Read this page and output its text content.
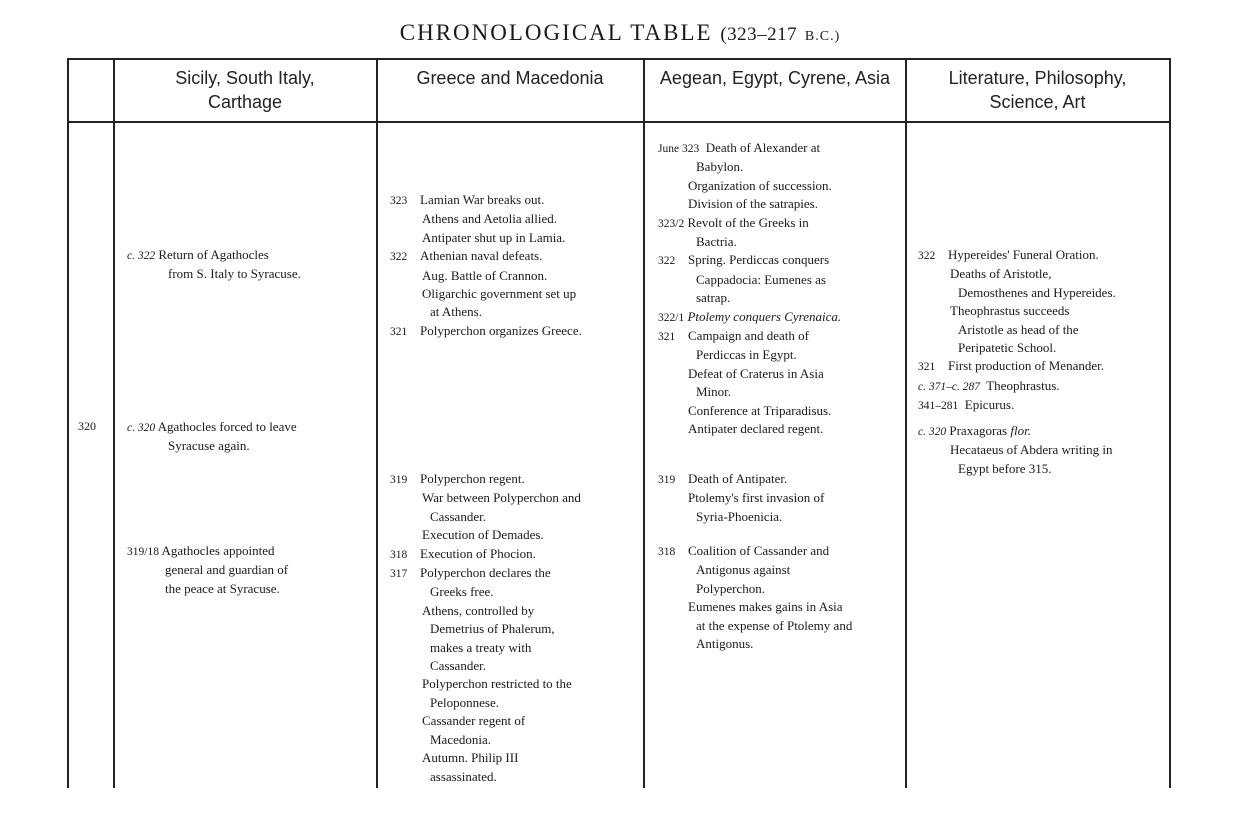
CHRONOLOGICAL TABLE (323–217 B.C.)
Sicily, South Italy, Carthage
Greece and Macedonia	Aegean, Egypt, Cyrene, Asia	Literature, Philosophy, Science, Art
320
c. 322 Return of Agathocles
from S. Italy to Syracuse.
c. 320 Agathocles forced to leave
Syracuse again.
319/18 Agathocles appointed
general and guardian of
the peace at Syracuse.
323 Lamian War breaks out.
Athens and Aetolia allied.
Antipater shut up in Lamia.
322 Athenian naval defeats.
Aug. Battle of Crannon.
Oligarchic government set up
at Athens.
321 Polyperchon organizes Greece.
319 Polyperchon regent.
War between Polyperchon and
Cassander.
Execution of Demades.
318 Execution of Phocion.
317 Polyperchon declares the
Greeks free.
Athens, controlled by
Demetrius of Phalerum,
makes a treaty with
Cassander.
Polyperchon restricted to the
Peloponnese.
Cassander regent of
Macedonia.
Autumn. Philip III
assassinated.
June 323 Death of Alexander at
Babylon.
Organization of succession.
Division of the satrapies.
323/2 Revolt of the Greeks in
Bactria.
322 Spring. Perdiccas conquers
Cappadocia: Eumenes as
satrap.
322/1 Ptolemy conquers Cyrenaica.
321 Campaign and death of
Perdiccas in Egypt.
Defeat of Craterus in Asia
Minor.
Conference at Triparadisus.
Antipater declared regent.
319 Death of Antipater.
Ptolemy's first invasion of
Syria-Phoenicia.
318 Coalition of Cassander and
Antigonus against
Polyperchon.
Eumenes makes gains in Asia
at the expense of Ptolemy and
Antigonus.
322 Hypereides' Funeral Oration.
Deaths of Aristotle,
Demosthenes and Hypereides.
Theophrastus succeeds
Aristotle as head of the
Peripatetic School.
321 First production of Menander.
c. 371–c. 287 Theophrastus.
341–281 Epicurus.
c. 320 Praxagoras flor.
Hecataeus of Abdera writing in
Egypt before 315.
